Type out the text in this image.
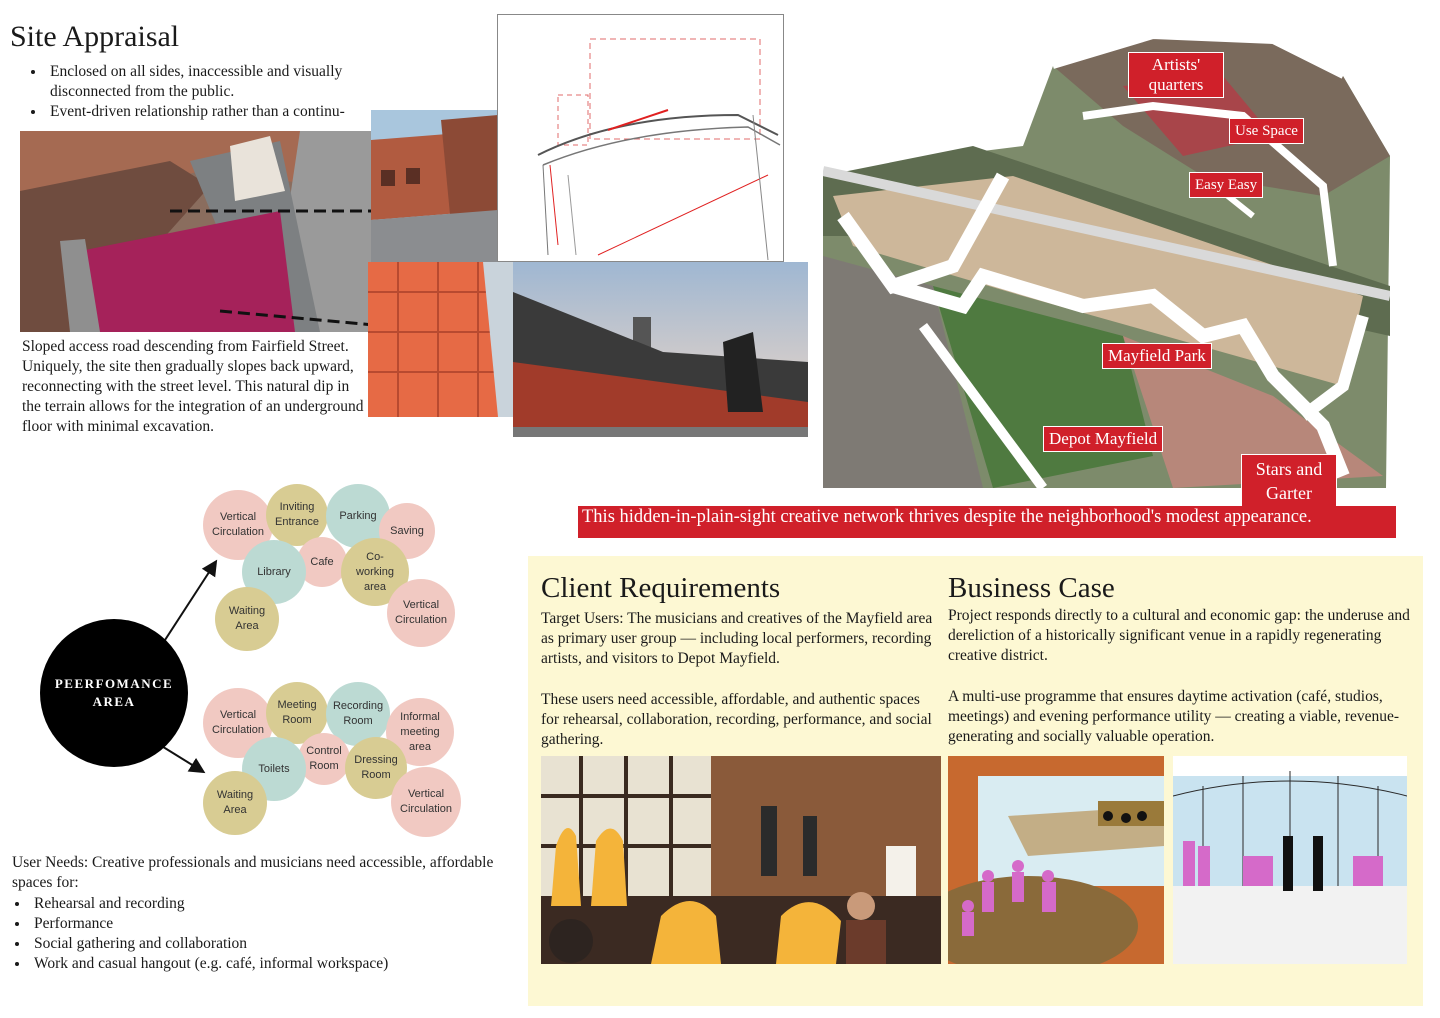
Site Appraisal
• Enclosed on all sides, inaccessible and visually disconnected from the public.
• Event-driven relationship rather than a continu-

Sloped access road descending from Fairfield Street. Uniquely, the site then gradually slopes back upward, reconnecting with the street level. This natural dip in the terrain allows for the integration of an underground floor with minimal excavation.

Artists' quarters
Use Space
Easy Easy
Mayfield Park
Depot Mayfield
Stars and Garter
This hidden-in-plain-sight creative network thrives despite the neighborhood's modest appearance.
PEERFOMANCE AREA
Vertical Circulation
Inviting Entrance
Parking
Saving
Cafe	Co-working area
Library
Waiting Area
Vertical Circulation
Vertical Circulation
Meeting Room
Recording Room	Informal meeting area
Control Room
Toilets
Dressing Room
Waiting Area
Vertical Circulation

User Needs: Creative professionals and musicians need accessible, affordable spaces for:

• Rehearsal and recording
• Performance
• Social gathering and collaboration
• Work and casual hangout (e.g. café, informal workspace)
Client Requirements

Target Users: The musicians and creatives of the Mayfield area as primary user group — including local performers, recording artists, and visitors to Depot Mayfield.

These users need accessible, affordable, and authentic spaces for rehearsal, collaboration, recording, performance, and social gathering.

Business Case

Project responds directly to a cultural and economic gap: the underuse and dereliction of a historically significant venue in a rapidly regenerating creative district.

A multi-use programme that ensures daytime activation (café, studios, meetings) and evening performance utility — creating a viable, revenue-generating and socially valuable operation.
